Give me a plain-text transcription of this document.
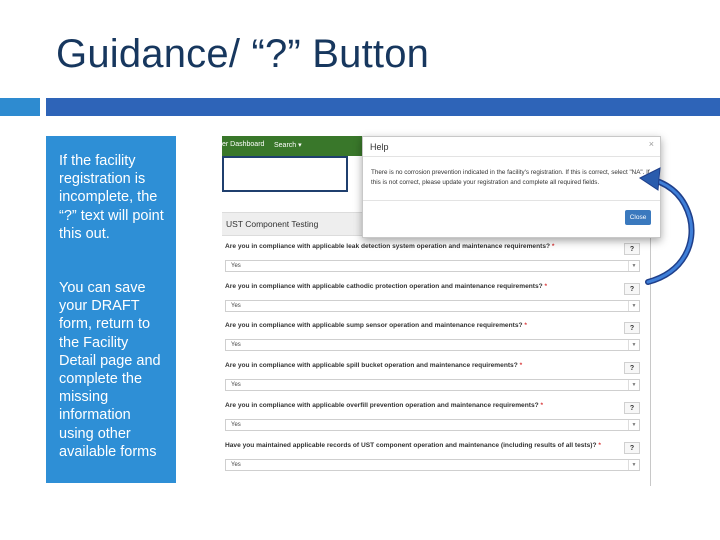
Guidance/ “?” Button
If the facility registration is incomplete, the “?” text will point this out.
You can save your DRAFT form, return to the Facility Detail page and complete the missing information using other available forms
er Dashboard Search ▾
UST Component Testing
Are you in compliance with applicable leak detection system operation and maintenance requirements? *	?
Yes	▼
Are you in compliance with applicable cathodic protection operation and maintenance requirements? *	?
Yes	▼
Are you in compliance with applicable sump sensor operation and maintenance requirements? *	?
Yes	▼
Are you in compliance with applicable spill bucket operation and maintenance requirements? *	?
Yes	▼
Are you in compliance with applicable overfill prevention operation and maintenance requirements? *	?
Yes	▼
Have you maintained applicable records of UST component operation and maintenance (including results of all tests)? *	?
Yes	▼
Help	×
There is no corrosion prevention indicated in the facility's registration. If this is correct, select "NA". If this is not correct, please update your registration and complete all required fields.
Close
